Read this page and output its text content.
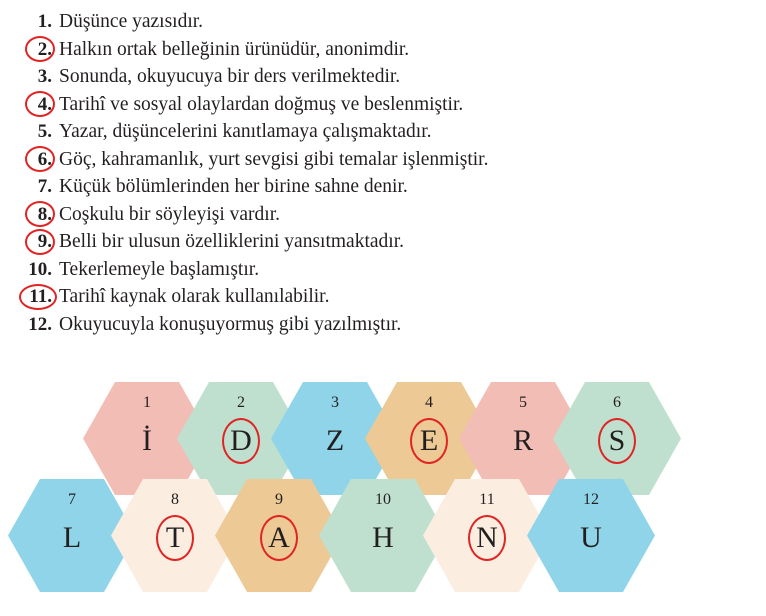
1. Düşünce yazısıdır.
2. Halkın ortak belleğinin ürünüdür, anonimdir.
3. Sonunda, okuyucuya bir ders verilmektedir.
4. Tarihî ve sosyal olaylardan doğmuş ve beslenmiştir.
5. Yazar, düşüncelerini kanıtlamaya çalışmaktadır.
6. Göç, kahramanlık, yurt sevgisi gibi temalar işlenmiştir.
7. Küçük bölümlerinden her birine sahne denir.
8. Coşkulu bir söyleyişi vardır.
9. Belli bir ulusun özelliklerini yansıtmaktadır.
10. Tekerlemeyle başlamıştır.
11. Tarihî kaynak olarak kullanılabilir.
12. Okuyucuyla konuşuyormuş gibi yazılmıştır.
1
İ
2
D
3
Z
4
E
5
R
6
S
7
L
8
T
9
A
10
H
11
N
12
U
